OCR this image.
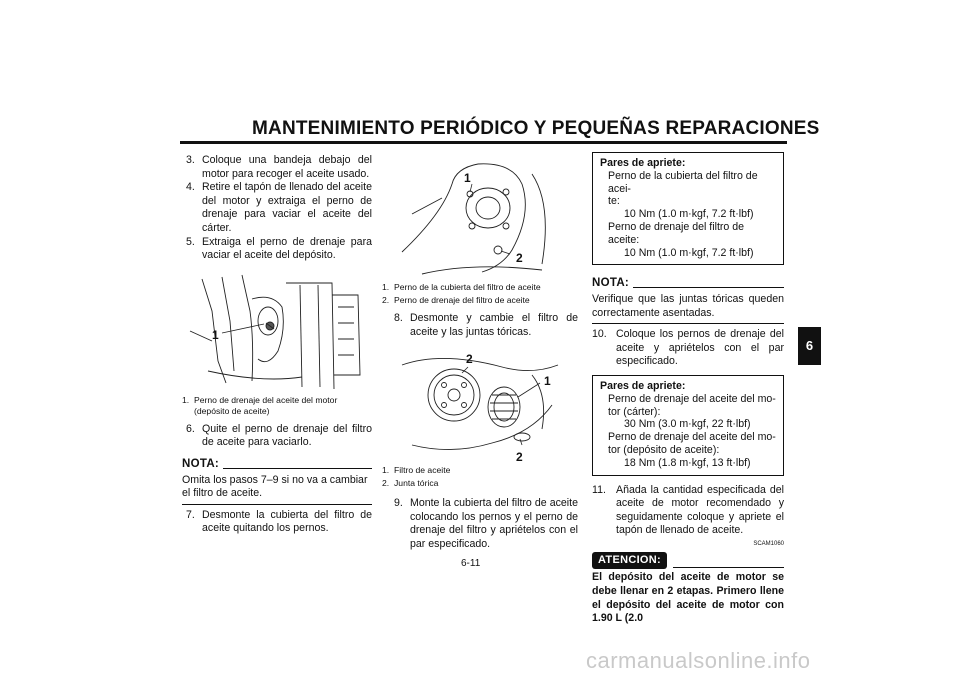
MANTENIMIENTO PERIÓDICO Y PEQUEÑAS REPARACIONES
6

3. Coloque una bandeja debajo del motor para recoger el aceite usado.

4. Retire el tapón de llenado del aceite del motor y extraiga el perno de drenaje para vaciar el aceite del cárter.

5. Extraiga el perno de drenaje para vaciar el aceite del depósito.

1

1. Perno de drenaje del aceite del motor
(depósito de aceite)

6. Quite el perno de drenaje del filtro de aceite para vaciarlo.

NOTA:

Omita los pasos 7–9 si no va a cambiar el filtro de aceite.

7. Desmonte la cubierta del filtro de aceite quitando los pernos.

1
2

1. Perno de la cubierta del filtro de aceite

2. Perno de drenaje del filtro de aceite

8. Desmonte y cambie el filtro de aceite y las juntas tóricas.

2
1
2

1. Filtro de aceite

2. Junta tórica

9. Monte la cubierta del filtro de aceite colocando los pernos y el perno de drenaje del filtro y apriételos con el par especificado.

Pares de apriete:
Perno de la cubierta del filtro de acei-
te:
10 Nm (1.0 m·kgf, 7.2 ft·lbf)
Perno de drenaje del filtro de aceite:
10 Nm (1.0 m·kgf, 7.2 ft·lbf)
NOTA:

Verifique que las juntas tóricas queden correctamente asentadas.

10. Coloque los pernos de drenaje del aceite y apriételos con el par especificado.

Pares de apriete:
Perno de drenaje del aceite del mo-
tor (cárter):
30 Nm (3.0 m·kgf, 22 ft·lbf)
Perno de drenaje del aceite del mo-
tor (depósito de aceite):
18 Nm (1.8 m·kgf, 13 ft·lbf)

11. Añada la cantidad especificada del aceite de motor recomendado y seguidamente coloque y apriete el tapón de llenado de aceite.

SCAM1060

ATENCION:

El depósito del aceite de motor se debe llenar en 2 etapas. Primero llene el depósito del aceite de motor con 1.90 L (2.0

6-11
carmanualsonline.info
